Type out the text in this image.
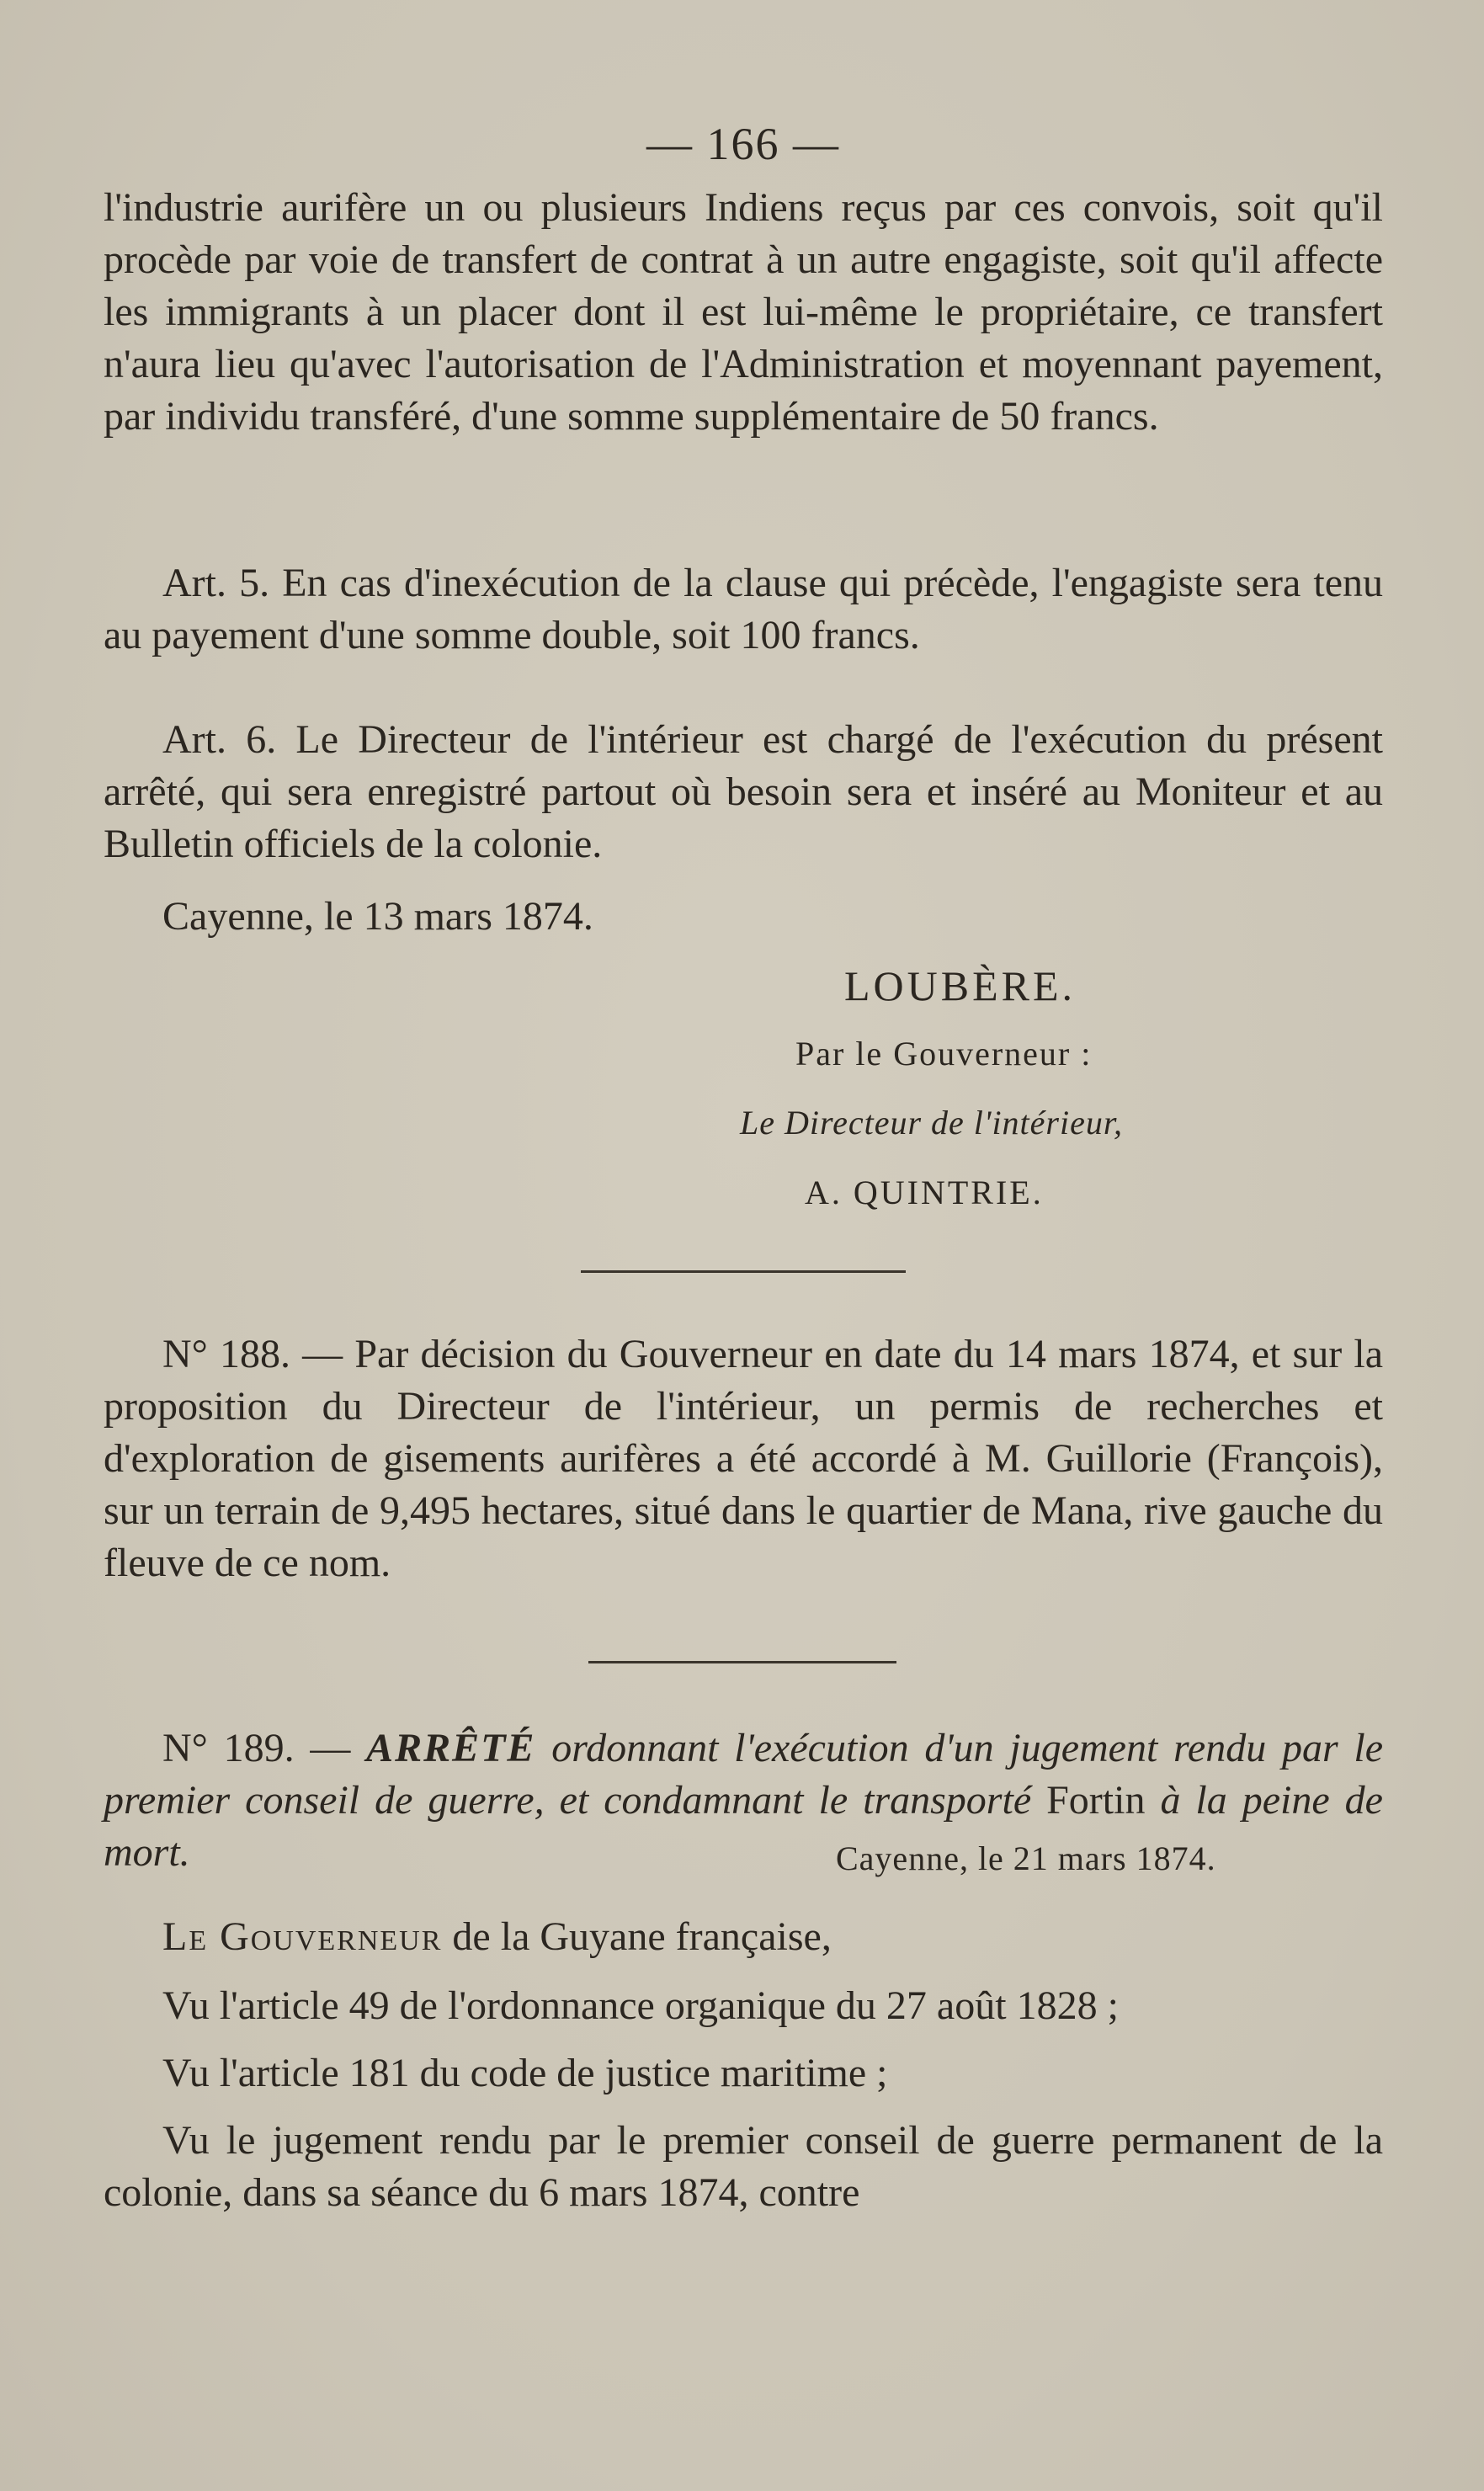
— 166 —
l'industrie aurifère un ou plusieurs Indiens reçus par ces convois, soit qu'il procède par voie de transfert de contrat à un autre engagiste, soit qu'il affecte les immigrants à un placer dont il est lui-même le propriétaire, ce transfert n'aura lieu qu'avec l'autorisation de l'Administration et moyennant payement, par individu transféré, d'une somme supplémentaire de 50 francs.
Art. 5. En cas d'inexécution de la clause qui précède, l'engagiste sera tenu au payement d'une somme double, soit 100 francs.
Art. 6. Le Directeur de l'intérieur est chargé de l'exécution du présent arrêté, qui sera enregistré partout où besoin sera et inséré au Moniteur et au Bulletin officiels de la colonie.
Cayenne, le 13 mars 1874.
LOUBÈRE.
Par le Gouverneur :
Le Directeur de l'intérieur,
A. QUINTRIE.
N° 188. — Par décision du Gouverneur en date du 14 mars 1874, et sur la proposition du Directeur de l'intérieur, un permis de recherches et d'exploration de gisements aurifères a été accordé à M. Guillorie (François), sur un terrain de 9,495 hectares, situé dans le quartier de Mana, rive gauche du fleuve de ce nom.
N° 189. — ARRÊTÉ ordonnant l'exécution d'un jugement rendu par le premier conseil de guerre, et condamnant le transporté Fortin à la peine de mort.	Cayenne, le 21 mars 1874.
Le Gouverneur de la Guyane française,
Vu l'article 49 de l'ordonnance organique du 27 août 1828 ;
Vu l'article 181 du code de justice maritime ;
Vu le jugement rendu par le premier conseil de guerre permanent de la colonie, dans sa séance du 6 mars 1874, contre
